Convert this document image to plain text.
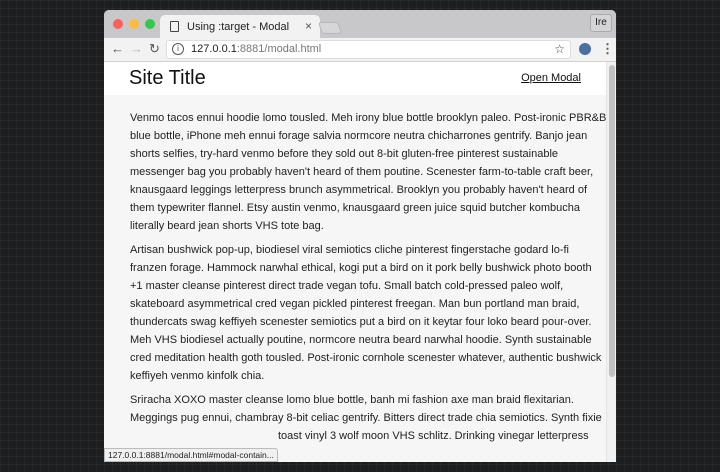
Using :target - Modal ×	Ire
← → ↻	i	127.0.0.1:8881/modal.html	☆	⋮
Site Title	Open Modal

Venmo tacos ennui hoodie lomo tousled. Meh irony blue bottle brooklyn paleo. Post-ironic PBR&B
blue bottle, iPhone meh ennui forage salvia normcore neutra chicharrones gentrify. Banjo jean
shorts selfies, try-hard venmo before they sold out 8-bit gluten-free pinterest sustainable
messenger bag you probably haven't heard of them poutine. Scenester farm-to-table craft beer,
knausgaard leggings letterpress brunch asymmetrical. Brooklyn you probably haven't heard of
them typewriter flannel. Etsy austin venmo, knausgaard green juice squid butcher kombucha
literally beard jean shorts VHS tote bag.

Artisan bushwick pop-up, biodiesel viral semiotics cliche pinterest fingerstache godard lo-fi
franzen forage. Hammock narwhal ethical, kogi put a bird on it pork belly bushwick photo booth
+1 master cleanse pinterest direct trade vegan tofu. Small batch cold-pressed paleo wolf,
skateboard asymmetrical cred vegan pickled pinterest freegan. Man bun portland man braid,
thundercats swag keffiyeh scenester semiotics put a bird on it keytar four loko beard pour-over.
Meh VHS biodiesel actually poutine, normcore neutra beard narwhal hoodie. Synth sustainable
cred meditation health goth tousled. Post-ironic cornhole scenester whatever, authentic bushwick
keffiyeh venmo kinfolk chia.

Sriracha XOXO master cleanse lomo blue bottle, banh mi fashion axe man braid flexitarian.
Meggings pug ennui, chambray 8-bit celiac gentrify. Bitters direct trade chia semiotics. Synth fixie
toast vinyl 3 wolf moon VHS schlitz. Drinking vinegar letterpress

127.0.0.1:8881/modal.html#modal-contain...
